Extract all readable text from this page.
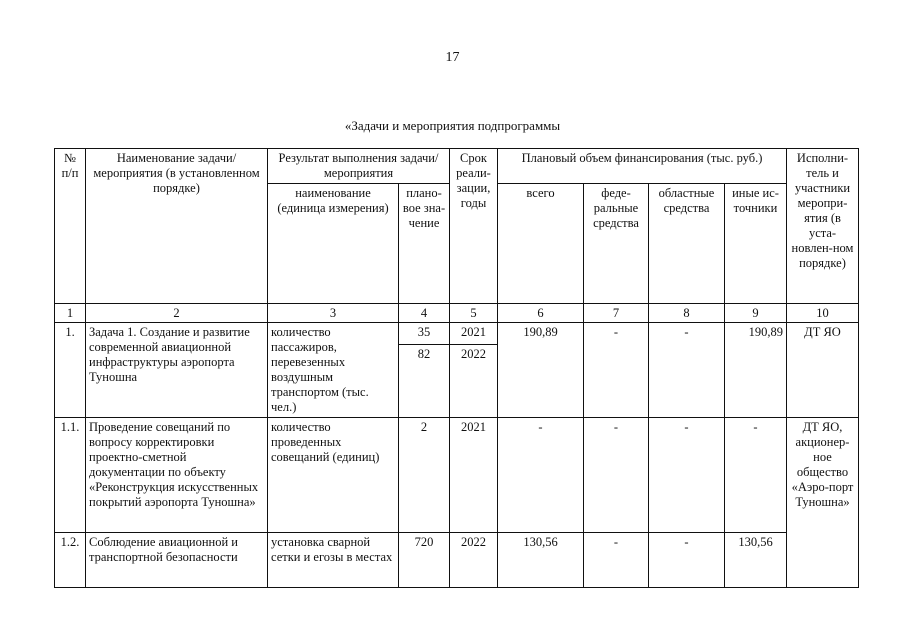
17
«Задачи и мероприятия подпрограммы
№ п/п	Наименование задачи/ мероприятия (в установленном порядке)	Результат выполнения задачи/мероприятия		Срок реали-зации, годы	Плановый объем финансирования (тыс. руб.)				Исполни-тель и участники меропри-ятия (в уста-новлен-ном порядке)
		наименование (единица измерения)	плано-вое зна-чение		всего	феде-ральные средства	областные средства	иные ис-точники	
1	2	3	4	5	6	7	8	9	10
1.	Задача 1. Создание и развитие современной авиационной инфраструктуры аэропорта Туношна	количество пассажиров, перевезенных воздушным транспортом (тыс. чел.)	35	2021	190,89	-	-	190,89	ДТ ЯО
			82	2022					
1.1.	Проведение совещаний по вопросу корректировки проектно-сметной документации по объекту «Реконструкция искусственных покрытий аэропорта Туношна»	количество проведенных совещаний (единиц)	2	2021	-	-	-	-	ДТ ЯО, акционер-ное общество «Аэро-порт Туношна»
1.2.	Соблюдение авиационной и транспортной безопасности	установка сварной сетки и егозы в местах	720	2022	130,56	-	-	130,56	
